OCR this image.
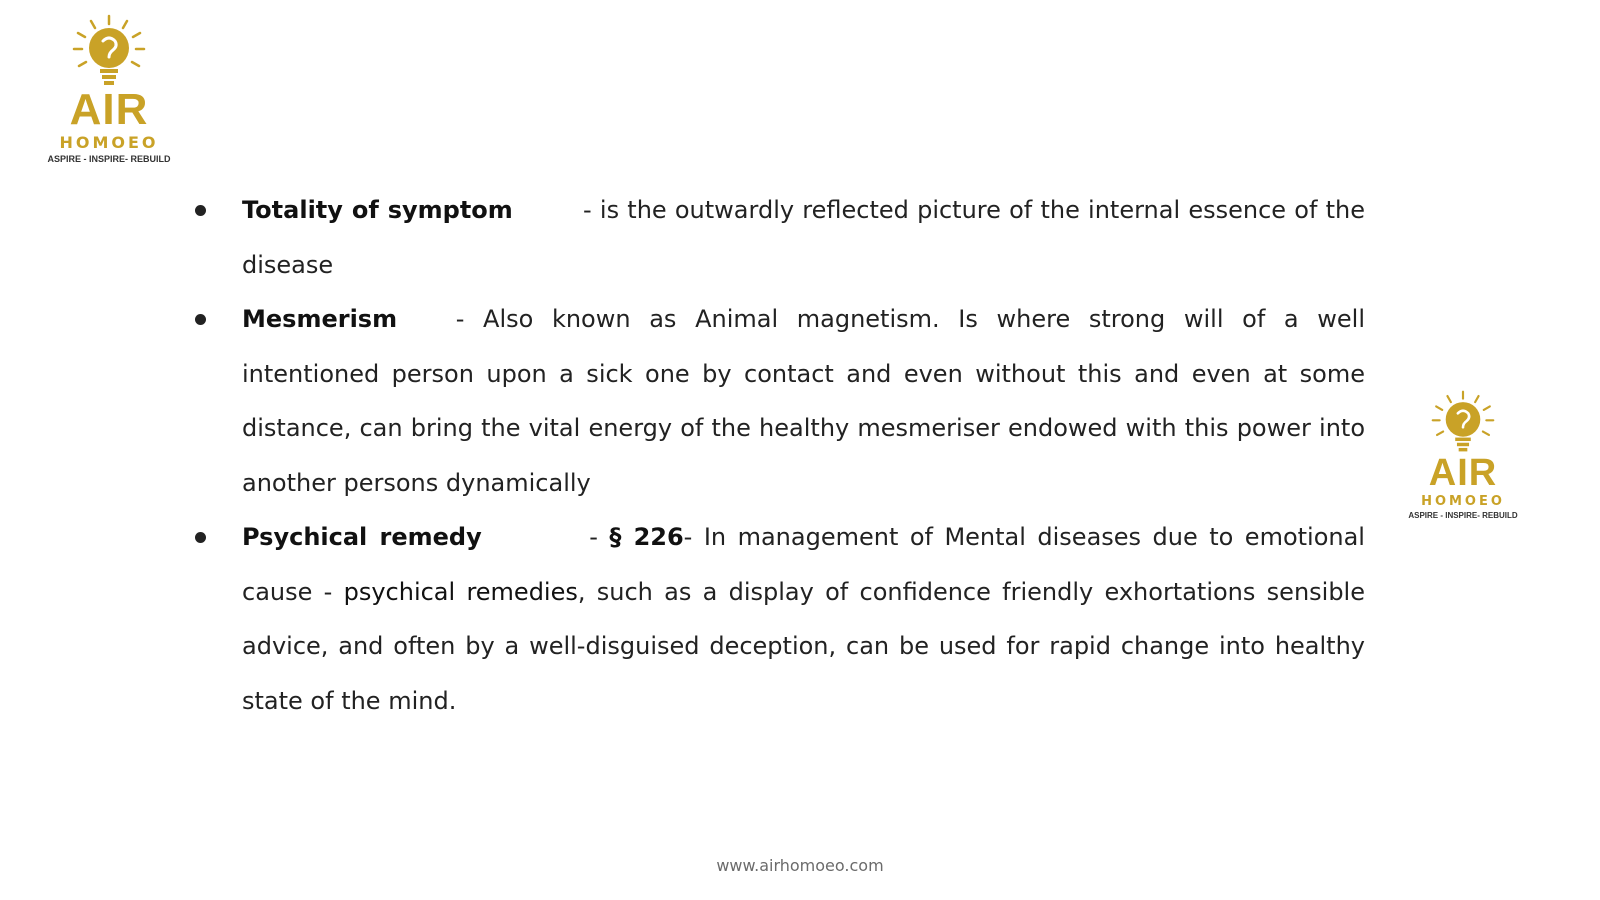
AIR
HOMOEO
ASPIRE - INSPIRE- REBUILD
AIR
HOMOEO
ASPIRE - INSPIRE- REBUILD
Totality of symptom	- is the outwardly reflected picture of the internal essence of the disease
Mesmerism - Also known as Animal magnetism. Is where strong will of a well intentioned person upon a sick one by contact and even without this and even at some distance, can bring the vital energy of the healthy mesmeriser endowed with this power into another persons dynamically
Psychical remedy	- § 226- In management of Mental diseases due to emotional cause - psychical remedies, such as a display of confidence friendly exhortations sensible advice, and often by a well-disguised deception, can be used for rapid change into healthy state of the mind.
www.airhomoeo.com
